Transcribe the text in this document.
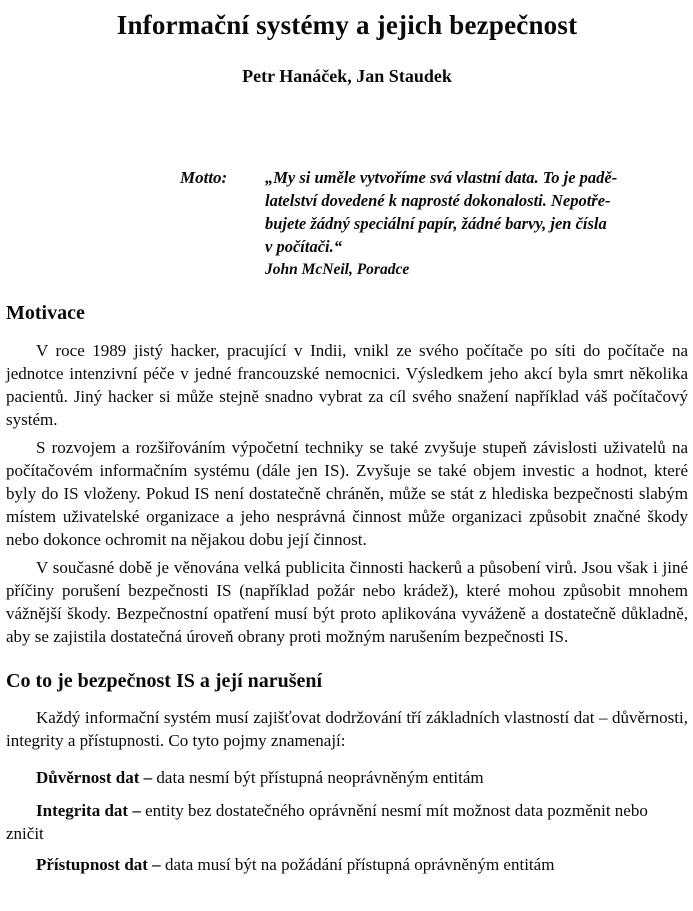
Informační systémy a jejich bezpečnost
Petr Hanáček, Jan Staudek
Motto:	„My si uměle vytvoříme svá vlastní data. To je padě-
latelství dovedené k naprosté dokonalosti. Nepotře-
bujete žádný speciální papír, žádné barvy, jen čísla
v počítači.“
John McNeil, Poradce
Motivace

V roce 1989 jistý hacker, pracující v Indii, vnikl ze svého počítače po síti do počítače na jednotce intenzivní péče v jedné francouzské nemocnici. Výsledkem jeho akcí byla smrt několika pacientů. Jiný hacker si může stejně snadno vybrat za cíl svého snažení například váš počítačový systém.

S rozvojem a rozšiřováním výpočetní techniky se také zvyšuje stupeň závislosti uživatelů na počítačovém informačním systému (dále jen IS). Zvyšuje se také objem investic a hodnot, které byly do IS vloženy. Pokud IS není dostatečně chráněn, může se stát z hlediska bezpečnosti slabým místem uživatelské organizace a jeho nesprávná činnost může organizaci způsobit značné škody nebo dokonce ochromit na nějakou dobu její činnost.

V současné době je věnována velká publicita činnosti hackerů a působení virů. Jsou však i jiné příčiny porušení bezpečnosti IS (například požár nebo krádež), které mohou způsobit mnohem vážnější škody. Bezpečnostní opatření musí být proto aplikována vyváženě a dostatečně důkladně, aby se zajistila dostatečná úroveň obrany proti možným narušením bezpečnosti IS.

Co to je bezpečnost IS a její narušení

Každý informační systém musí zajišťovat dodržování tří základních vlastností dat – důvěrnosti, integrity a přístupnosti. Co tyto pojmy znamenají:

Důvěrnost dat – data nesmí být přístupná neoprávněným entitám

Integrita dat – entity bez dostatečného oprávnění nesmí mít možnost data pozměnit nebo zničit

Přístupnost dat – data musí být na požádání přístupná oprávněným entitám
